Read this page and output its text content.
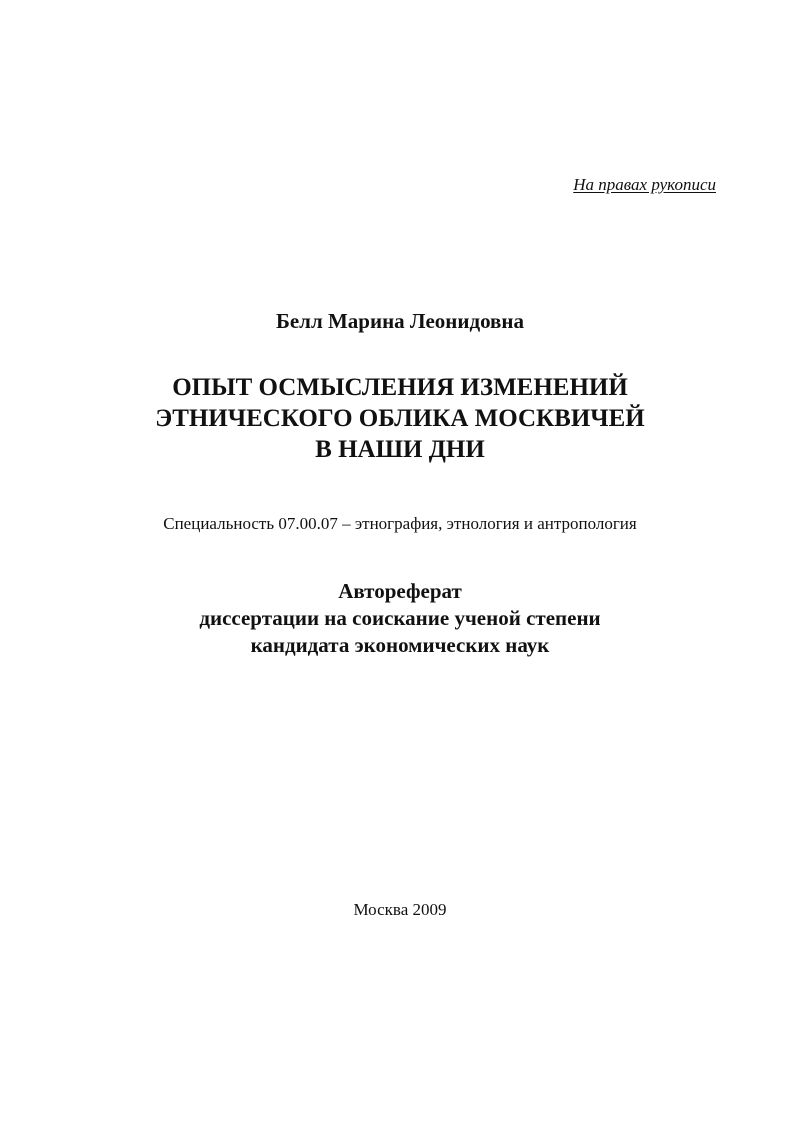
На правах рукописи
Белл Марина Леонидовна
ОПЫТ ОСМЫСЛЕНИЯ ИЗМЕНЕНИЙ
ЭТНИЧЕСКОГО ОБЛИКА МОСКВИЧЕЙ
В НАШИ ДНИ
Специальность 07.00.07 – этнография, этнология и антропология
Автореферат
диссертации на соискание ученой степени
кандидата экономических наук
Москва 2009
